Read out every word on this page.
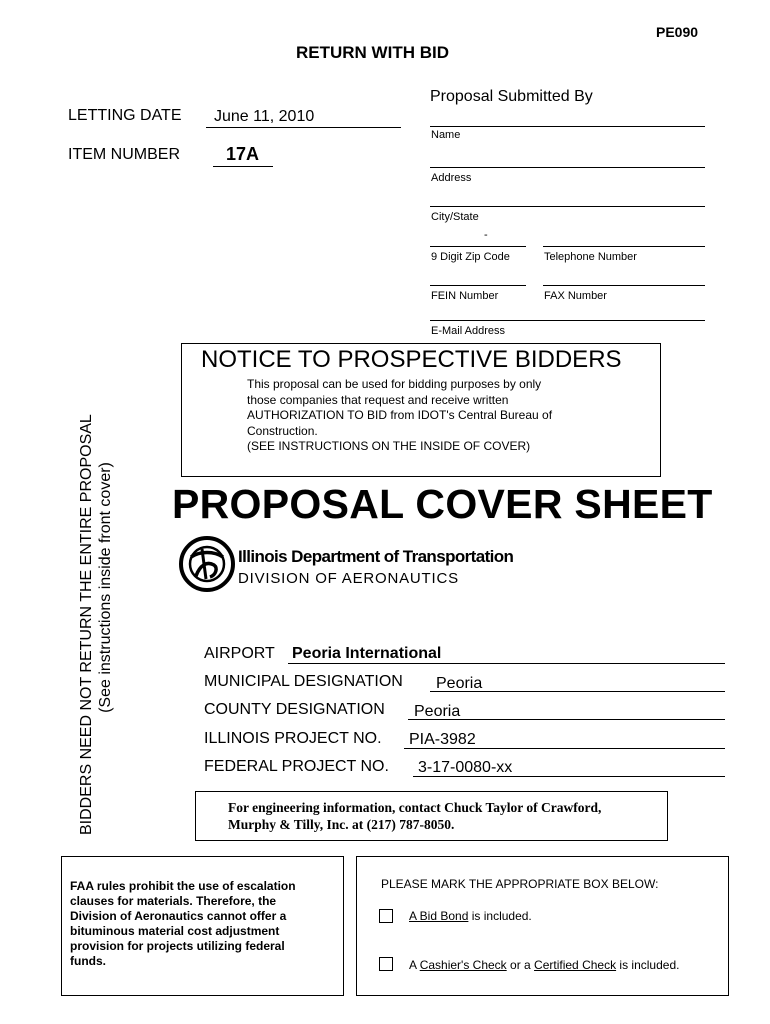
PE090
RETURN WITH BID
LETTING DATE June 11, 2010
ITEM NUMBER	17A
Proposal Submitted By
Name
Address
City/State
-
9 Digit Zip Code	Telephone Number
FEIN Number	FAX Number
E-Mail Address
BIDDERS NEED NOT RETURN THE ENTIRE PROPOSAL (See instructions inside front cover)
NOTICE TO PROSPECTIVE BIDDERS
This proposal can be used for bidding purposes by only
those companies that request and receive written
AUTHORIZATION TO BID from IDOT's Central Bureau of
Construction.
(SEE INSTRUCTIONS ON THE INSIDE OF COVER)
PROPOSAL COVER SHEET
Illinois Department of Transportation
DIVISION OF AERONAUTICS
AIRPORT Peoria International
MUNICIPAL DESIGNATION Peoria
COUNTY DESIGNATION Peoria
ILLINOIS PROJECT NO. PIA-3982
FEDERAL PROJECT NO. 3-17-0080-xx
For engineering information, contact Chuck Taylor of Crawford,
Murphy & Tilly, Inc. at (217) 787-8050.
FAA rules prohibit the use of escalation
clauses for materials. Therefore, the
Division of Aeronautics cannot offer a
bituminous material cost adjustment
provision for projects utilizing federal
funds.
PLEASE MARK THE APPROPRIATE BOX BELOW:
A Bid Bond is included.
A Cashier's Check or a Certified Check is included.
